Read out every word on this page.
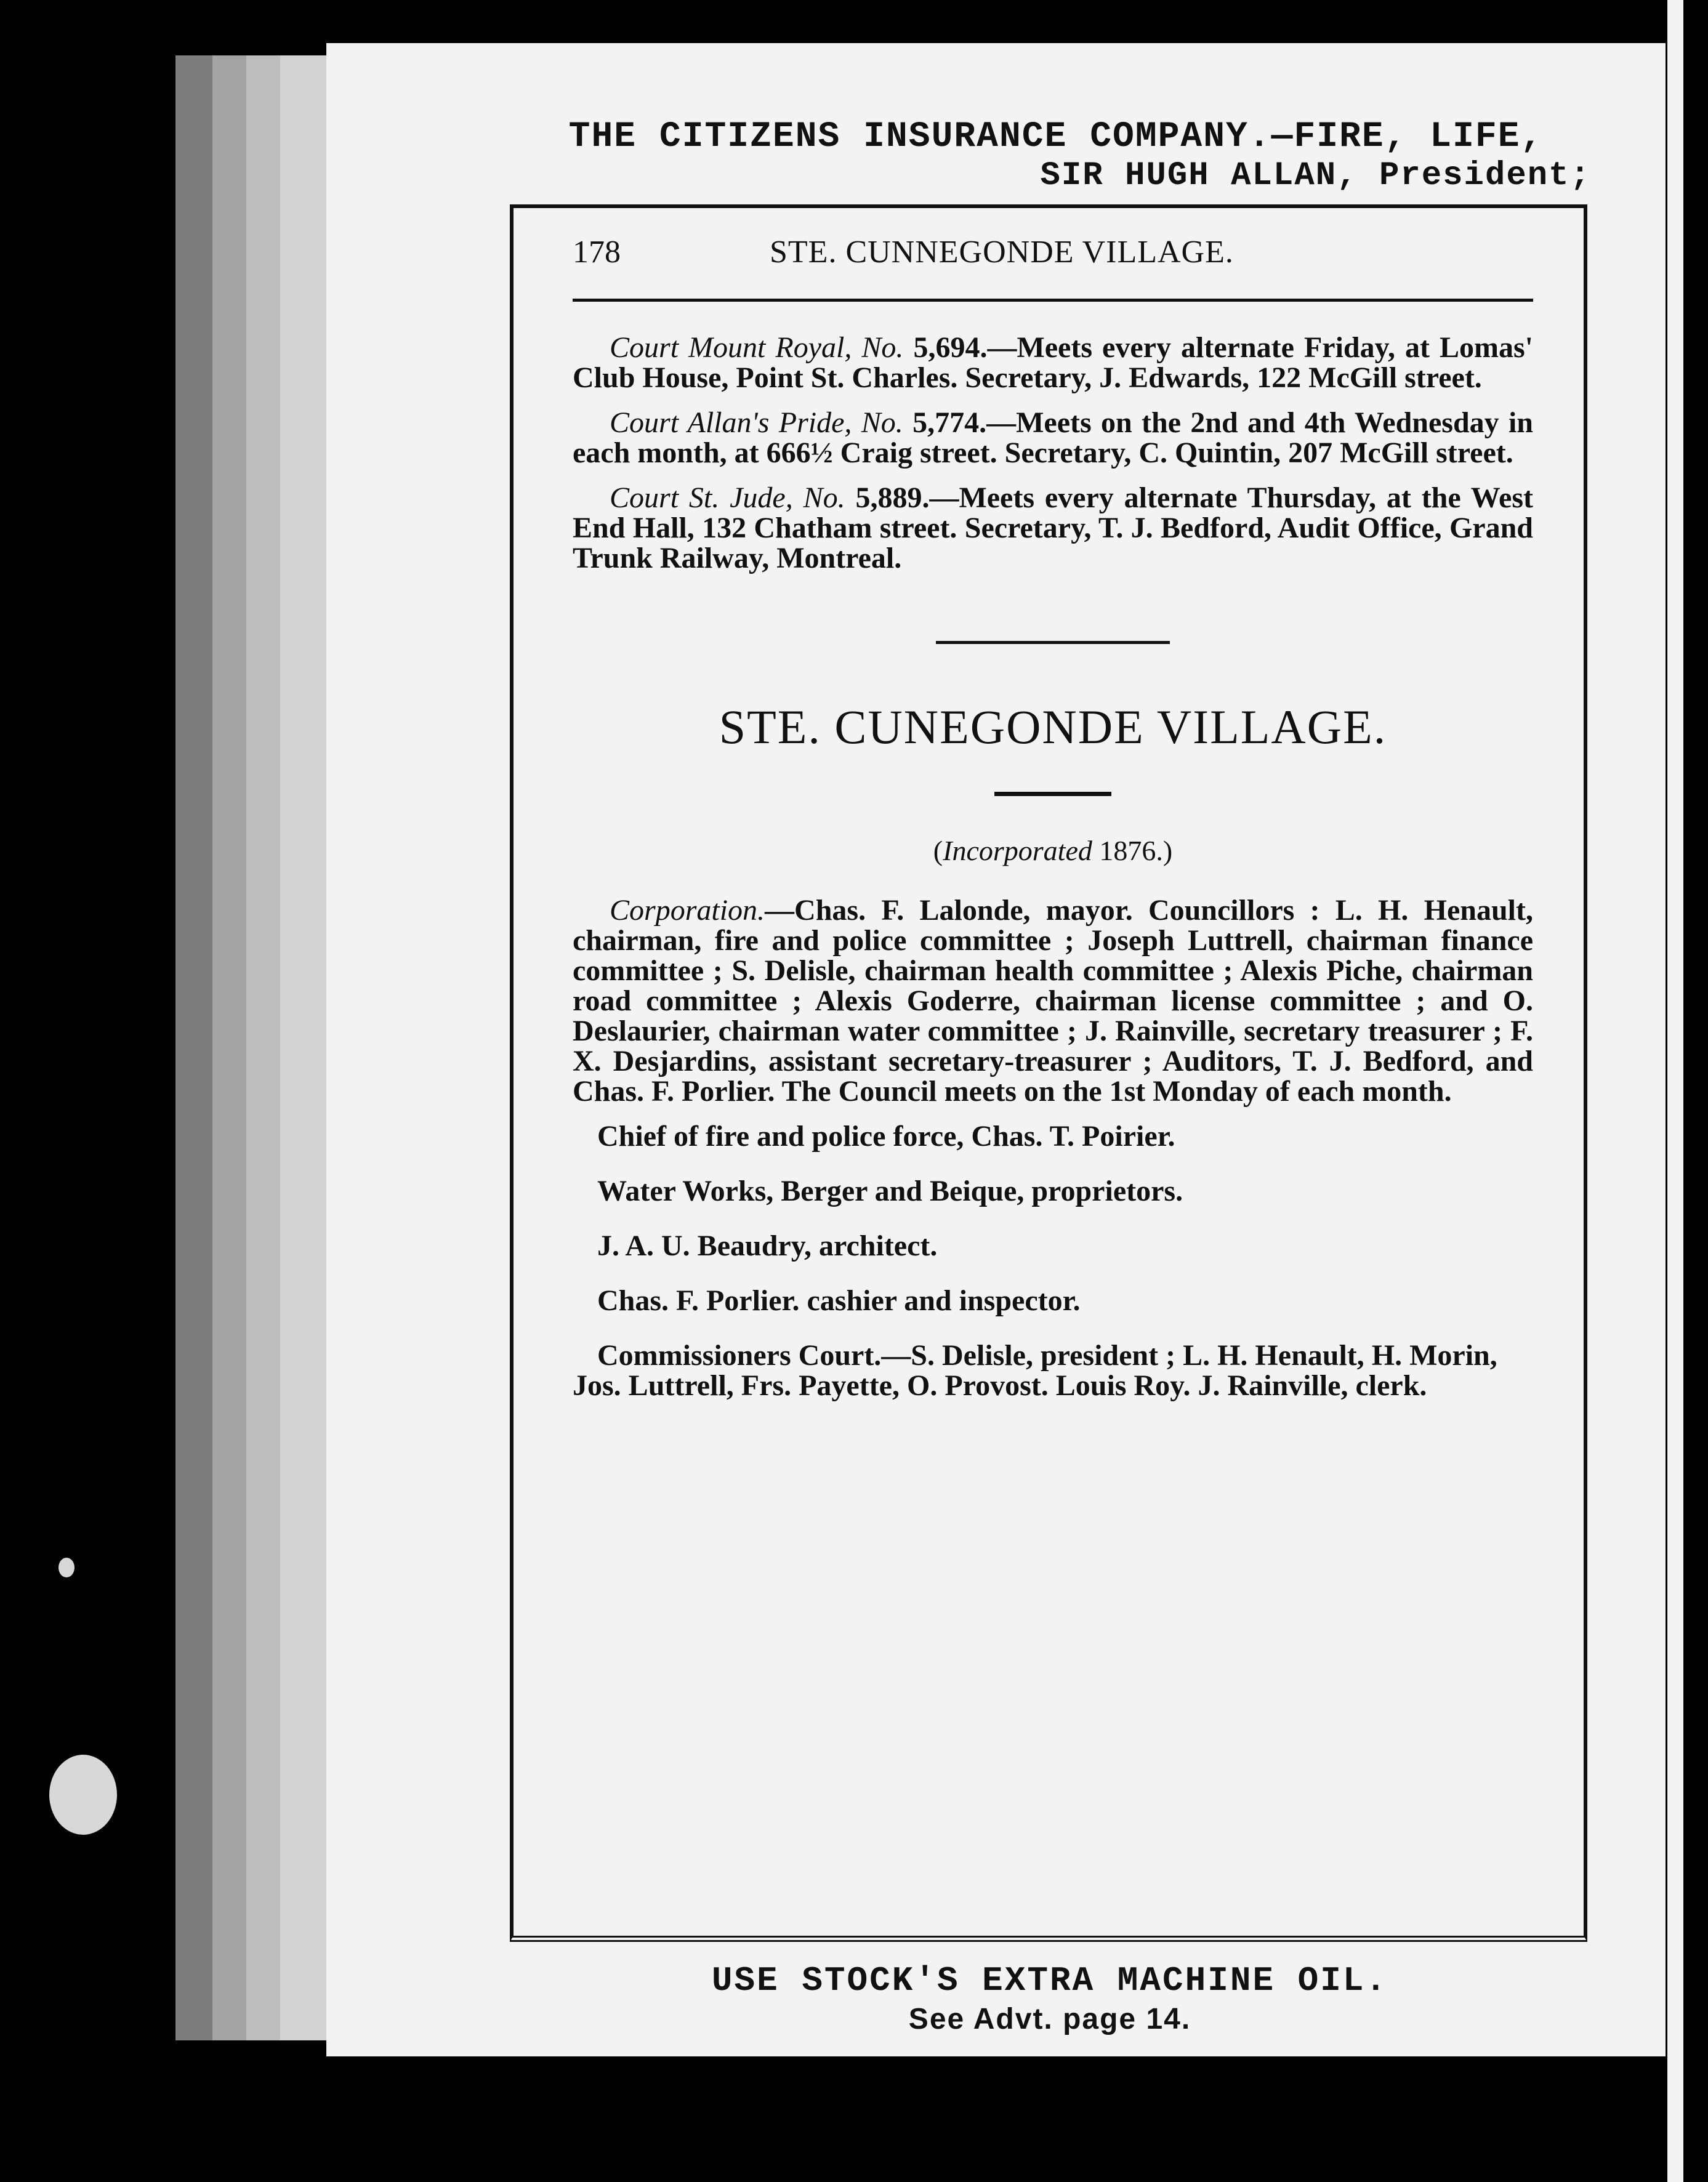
THE CITIZENS INSURANCE COMPANY.—FIRE, LIFE,
SIR HUGH ALLAN, President;
178	STE. CUNNEGONDE VILLAGE.

Court Mount Royal, No. 5,694.—Meets every alternate Friday, at Lomas' Club House, Point St. Charles. Secretary, J. Edwards, 122 McGill street.

Court Allan's Pride, No. 5,774.—Meets on the 2nd and 4th Wednesday in each month, at 666½ Craig street. Secretary, C. Quintin, 207 McGill street.

Court St. Jude, No. 5,889.—Meets every alternate Thursday, at the West End Hall, 132 Chatham street. Secretary, T. J. Bedford, Audit Office, Grand Trunk Railway, Montreal.

STE. CUNEGONDE VILLAGE.
(Incorporated 1876.)

Corporation.—Chas. F. Lalonde, mayor. Councillors : L. H. Henault, chairman, fire and police committee ; Joseph Luttrell, chairman finance committee ; S. Delisle, chairman health committee ; Alexis Piche, chairman road committee ; Alexis Goderre, chairman license committee ; and O. Deslaurier, chairman water committee ; J. Rainville, secretary treasurer ; F. X. Desjardins, assistant secretary-treasurer ; Auditors, T. J. Bedford, and Chas. F. Porlier. The Council meets on the 1st Monday of each month.

Chief of fire and police force, Chas. T. Poirier.

Water Works, Berger and Beique, proprietors.

J. A. U. Beaudry, architect.

Chas. F. Porlier. cashier and inspector.

Commissioners Court.—S. Delisle, president ; L. H. Henault, H. Morin, Jos. Luttrell, Frs. Payette, O. Provost. Louis Roy. J. Rainville, clerk.

USE STOCK'S EXTRA MACHINE OIL.
See Advt. page 14.
